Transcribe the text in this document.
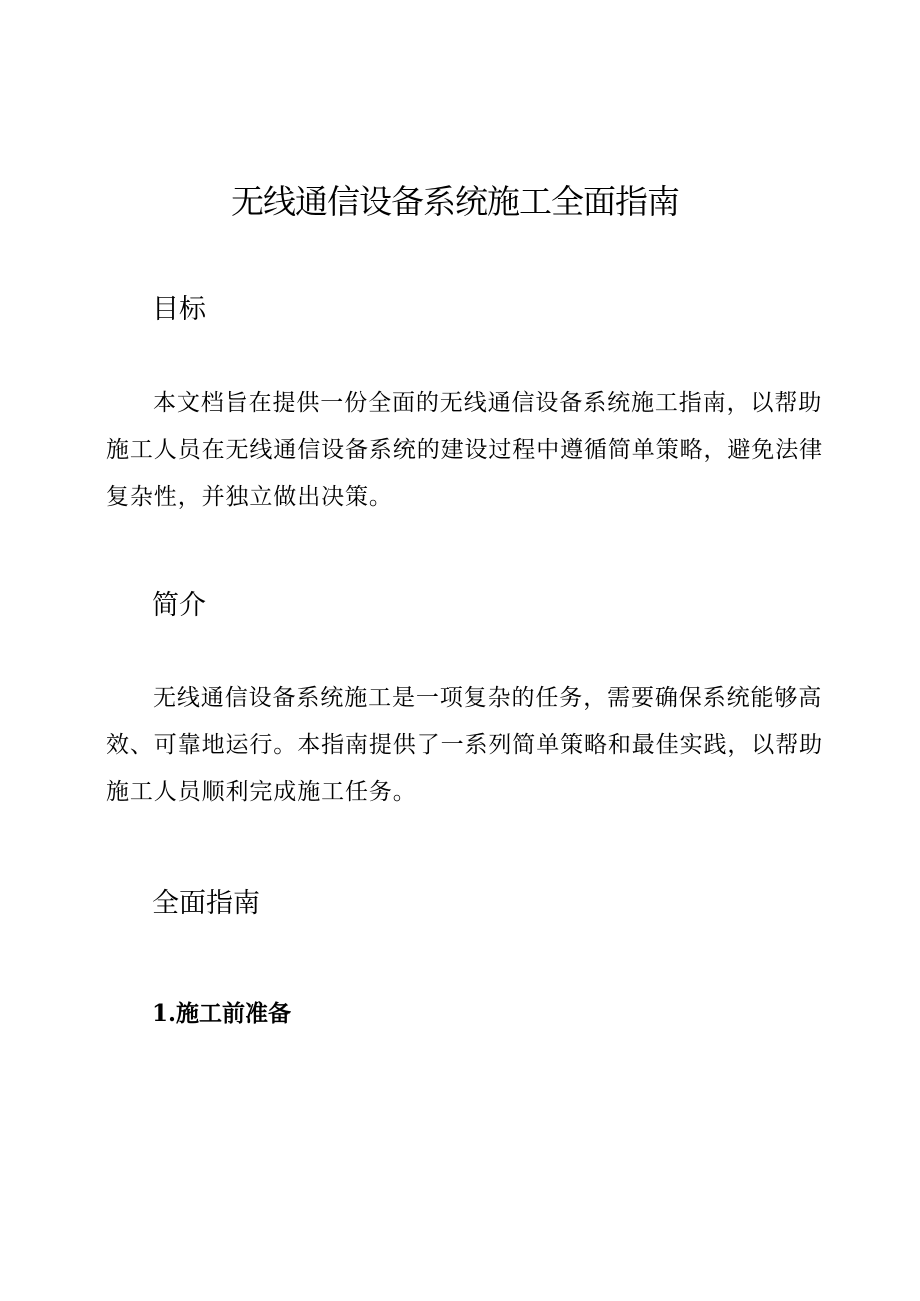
无线通信设备系统施工全面指南
目标
本文档旨在提供一份全面的无线通信设备系统施工指南，以帮助
施工人员在无线通信设备系统的建设过程中遵循简单策略，避免法律
复杂性，并独立做出决策。
简介
无线通信设备系统施工是一项复杂的任务，需要确保系统能够高
效、可靠地运行。本指南提供了一系列简单策略和最佳实践，以帮助
施工人员顺利完成施工任务。
全面指南
1.施工前准备
